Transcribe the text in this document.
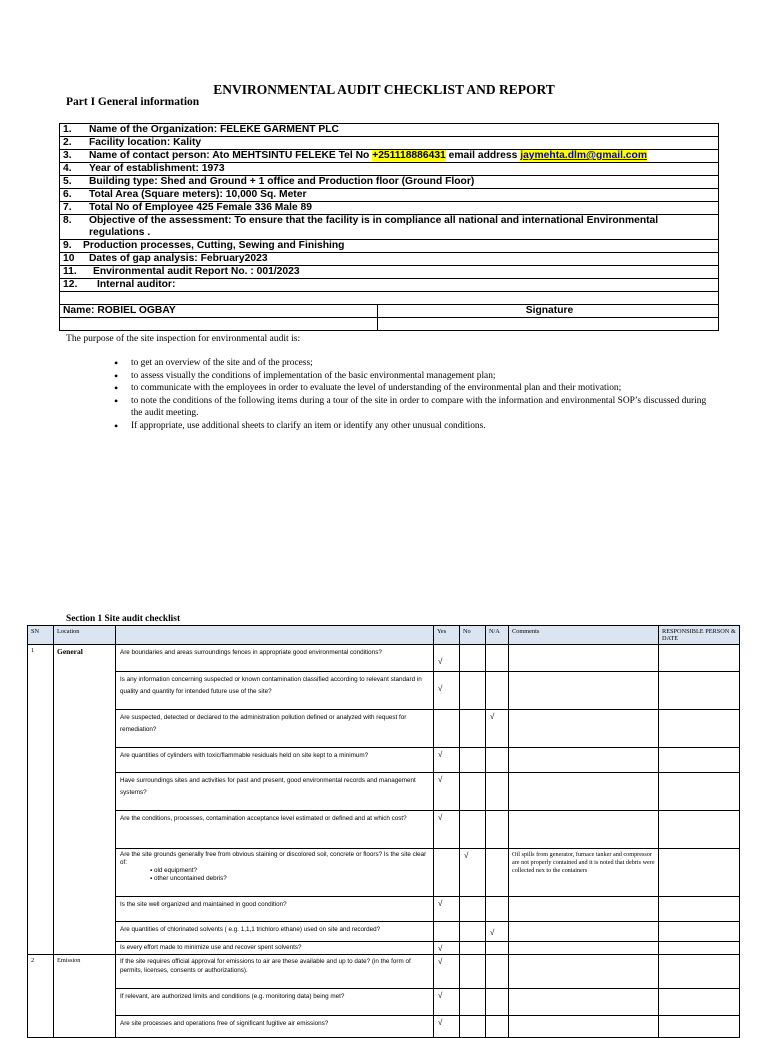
ENVIRONMENTAL AUDIT CHECKLIST AND REPORT
Part I General information
1. Name of the Organization: FELEKE GARMENT PLC	
2. Facility location: Kality	
3. Name of contact person: Ato MEHTSINTU FELEKE Tel No +251118886431 email address jaymehta.dlm@gmail.com	
4. Year of establishment: 1973	
5. Building type: Shed and Ground + 1 office and Production floor (Ground Floor)	
6. Total Area (Square meters): 10,000 Sq. Meter	
7. Total No of Employee 425 Female 336 Male 89	
8. Objective of the assessment: To ensure that the facility is in compliance all national and international Environmental
regulations .	

9. Production processes, Cutting, Sewing and Finishing	
10 Dates of gap analysis: February2023	
11. Environmental audit Report No. : 001/2023	
12. Internal auditor:	

Name: ROBIEL OGBAY	Signature

The purpose of the site inspection for environmental audit is:
• to get an overview of the site and of the process;
• to assess visually the conditions of implementation of the basic environmental management plan;
• to communicate with the employees in order to evaluate the level of understanding of the environmental plan and their motivation;
• to note the conditions of the following items during a tour of the site in order to compare with the information and environmental SOP’s discussed during the audit meeting.
• If appropriate, use additional sheets to clarify an item or identify any other unusual conditions.
Section 1 Site audit checklist
SN	Location		Yes	No	N/A	Comments	RESPONSIBLE PERSON & DATE
1	General	Are boundaries and areas surroundings fences in appropriate good environmental conditions?	√				
		Is any information concerning suspected or known contamination classified according to relevant standard in quality and quantity for intended future use of the site?	√				
		Are suspected, detected or declared to the administration pollution defined or analyzed with request for remediation?			√		
		Are quantities of cylinders with toxic/flammable residuals held on site kept to a minimum?	√				
		Have surroundings sites and activities for past and present, good environmental records and management systems?	√				
		Are the conditions, processes, contamination acceptance level estimated or defined and at which cost?	√				
		Are the site grounds generally free from obvious staining or discolored soil, concrete or floors? Is the site clear of:
▪ old equipment?
▪ other uncontained debris?		√		Oil spills from generator, furnace tanker and compressor are not properly contained and it is noted that debris were collected nex to the containers	
		Is the site well organized and maintained in good condition?	√				
		Are quantities of chlorinated solvents ( e.g. 1,1,1 trichloro ethane) used on site and recorded?			√		
		Is every effort made to minimize use and recover spent solvents?	√				
2	Emission	If the site requires official approval for emissions to air are these available and up to date? (in the form of permits, licenses, consents or authorizations).	√				
		If relevant, are authorized limits and conditions (e.g. monitoring data) being met?	√				
		Are site processes and operations free of significant fugitive air emissions?	√				
